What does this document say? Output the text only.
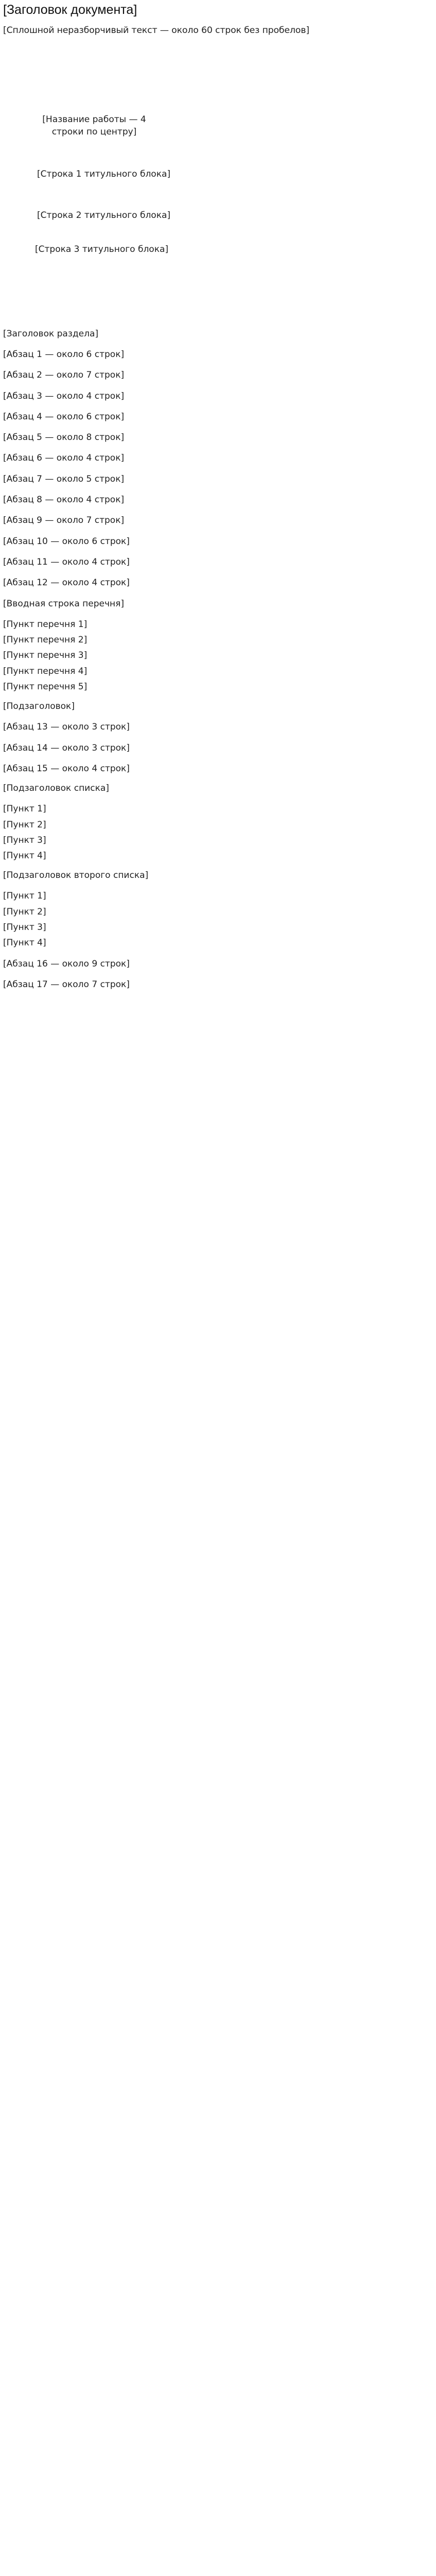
[Заголовок документа]

[Сплошной неразборчивый текст — около 60 строк без пробелов]

[Название работы — 4 строки по центру]
[Строка 1 титульного блока]
[Строка 2 титульного блока]
[Строка 3 титульного блока]
[Заголовок раздела]

[Абзац 1 — около 6 строк]

[Абзац 2 — около 7 строк]

[Абзац 3 — около 4 строк]

[Абзац 4 — около 6 строк]

[Абзац 5 — около 8 строк]

[Абзац 6 — около 4 строк]

[Абзац 7 — около 5 строк]

[Абзац 8 — около 4 строк]

[Абзац 9 — около 7 строк]

[Абзац 10 — около 6 строк]

[Абзац 11 — около 4 строк]

[Абзац 12 — около 4 строк]

[Вводная строка перечня]

[Пункт перечня 1]
[Пункт перечня 2]
[Пункт перечня 3]
[Пункт перечня 4]
[Пункт перечня 5]
[Подзаголовок]

[Абзац 13 — около 3 строк]

[Абзац 14 — около 3 строк]

[Абзац 15 — около 4 строк]

[Подзаголовок списка]
[Пункт 1]
[Пункт 2]
[Пункт 3]
[Пункт 4]
[Подзаголовок второго списка]
[Пункт 1]
[Пункт 2]
[Пункт 3]
[Пункт 4]

[Абзац 16 — около 9 строк]

[Абзац 17 — около 7 строк]
